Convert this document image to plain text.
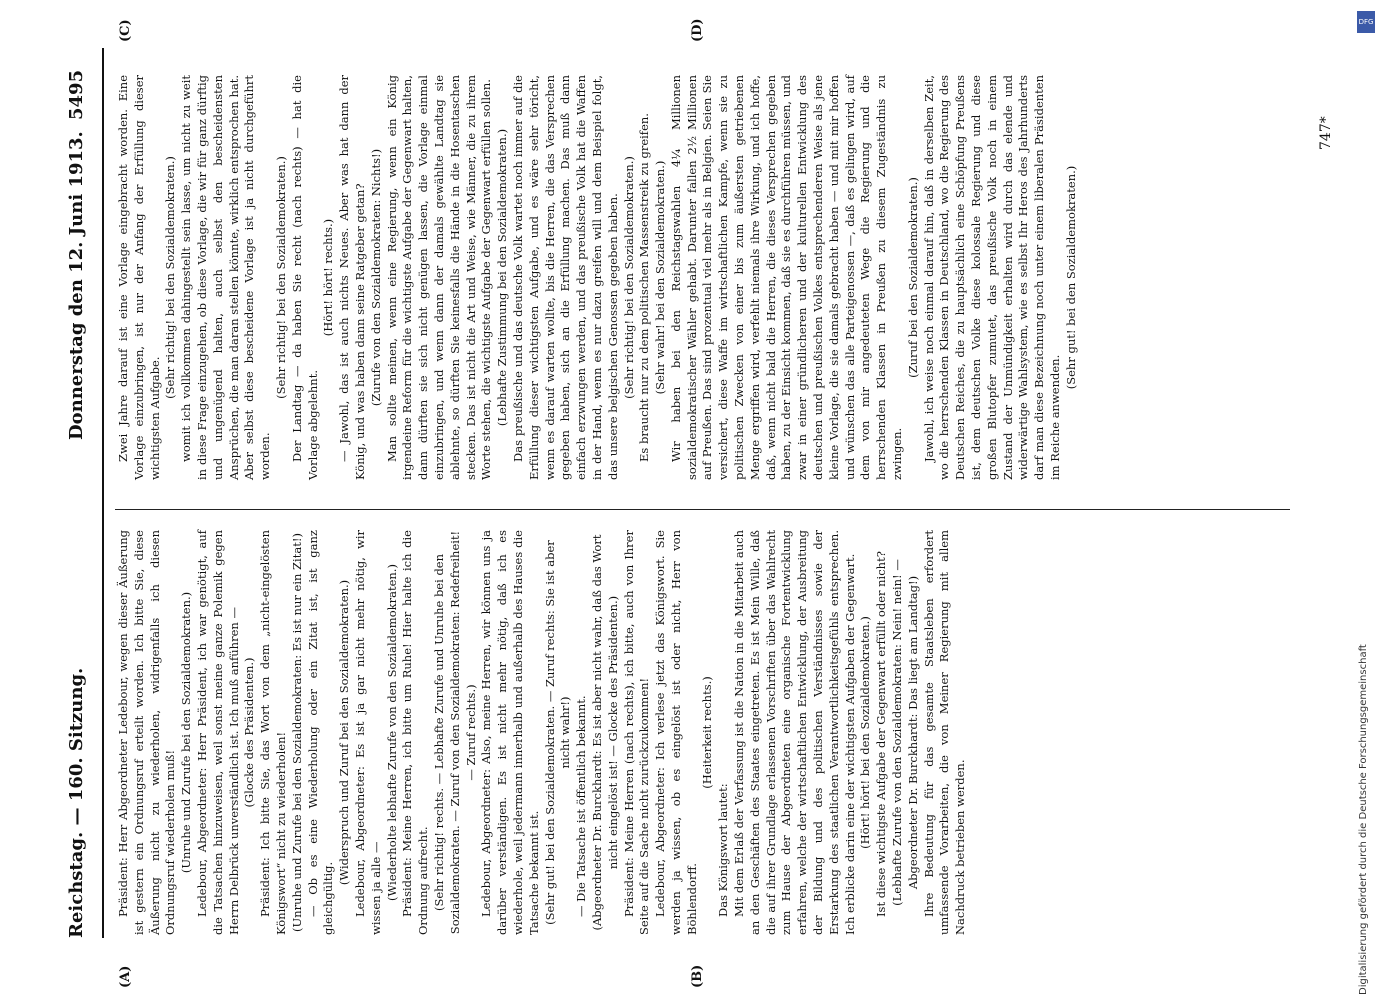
Reichstag. — 160. Sitzung.
Donnerstag den 12. Juni 1913.
5495
(A)	(B)
(C)	(D)

Präsident: Herr Abgeordneter Ledebour, wegen dieser Äußerung ist gestern ein Ordnungsruf erteilt worden. Ich bitte Sie, diese Äußerung nicht zu wiederholen, widrigenfalls ich diesen Ordnungsruf wiederholen muß! (Unruhe und Zurufe bei den Sozialdemokraten.) Ledebour, Abgeordneter: Herr Präsident, ich war genötigt, auf die Tatsachen hinzuweisen, weil sonst meine ganze Polemik gegen Herrn Delbrück unverständlich ist. Ich muß anführen — (Glocke des Präsidenten.) Präsident: Ich bitte Sie, das Wort von dem „nicht-eingelösten Königswort“ nicht zu wiederholen! (Unruhe und Zurufe bei den Sozialdemokraten: Es ist nur ein Zitat!) — Ob es eine Wiederholung oder ein Zitat ist, ist ganz gleichgültig.

(Widerspruch und Zuruf bei den Sozialdemokraten.) Ledebour, Abgeordneter: Es ist ja gar nicht mehr nötig, wir wissen ja alle — (Wiederholte lebhafte Zurufe von den Sozialdemokraten.) Präsident: Meine Herren, ich bitte um Ruhe! Hier halte ich die Ordnung aufrecht. (Sehr richtig! rechts. — Lebhafte Zurufe und Unruhe bei den Sozialdemokraten. — Zuruf von den Sozialdemokraten: Redefreiheit! — Zuruf rechts.) Ledebour, Abgeordneter: Also, meine Herren, wir können uns ja darüber verständigen. Es ist nicht mehr nötig, daß ich es wiederhole, weil jedermann innerhalb und außerhalb des Hauses die Tatsache bekannt ist. (Sehr gut! bei den Sozialdemokraten. — Zuruf rechts: Sie ist aber nicht wahr!) — Die Tatsache ist öffentlich bekannt. (Abgeordneter Dr. Burckhardt: Es ist aber nicht wahr, daß das Wort nicht eingelöst ist! — Glocke des Präsidenten.) Präsident: Meine Herren (nach rechts), ich bitte, auch von Ihrer Seite auf die Sache nicht zurückzukommen! Ledebour, Abgeordneter: Ich verlese jetzt das Königswort. Sie werden ja wissen, ob es eingelöst ist oder nicht, Herr von Böhlendorff.

(Heiterkeit rechts.)

Das Königswort lautet: Mit dem Erlaß der Verfassung ist die Nation in die Mitarbeit auch an den Geschäften des Staates eingetreten. Es ist Mein Wille, daß die auf ihrer Grundlage erlassenen Vorschriften über das Wahlrecht zum Hause der Abgeordneten eine organische Fortentwicklung erfahren, welche der wirtschaftlichen Entwicklung, der Ausbreitung der Bildung und des politischen Verständnisses sowie der Erstarkung des staatlichen Verantwortlichkeitsgefühls entsprechen. Ich erblicke darin eine der wichtigsten Aufgaben der Gegenwart. (Hört! hört! bei den Sozialdemokraten.) Ist diese wichtigste Aufgabe der Gegenwart erfüllt oder nicht? (Lebhafte Zurufe von den Sozialdemokraten: Nein! nein! — Abgeordneter Dr. Burckhardt: Das liegt am Landtag!) Ihre Bedeutung für das gesamte Staatsleben erfordert umfassende Vorarbeiten, die von Meiner Regierung mit allem Nachdruck betrieben werden.

Zwei Jahre darauf ist eine Vorlage eingebracht worden. Eine Vorlage einzubringen, ist nur der Anfang der Erfüllung dieser wichtigsten Aufgabe.

(Sehr richtig! bei den Sozialdemokraten.) womit ich vollkommen dahingestellt sein lasse, um nicht zu weit in diese Frage einzugehen, ob diese Vorlage, die wir für ganz dürftig und ungenügend halten, auch selbst den bescheidensten Ansprüchen, die man daran stellen könnte, wirklich entsprochen hat. Aber selbst diese bescheidene Vorlage ist ja nicht durchgeführt worden.

(Sehr richtig! bei den Sozialdemokraten.) Der Landtag — da haben Sie recht (nach rechts) — hat die Vorlage abgelehnt.

(Hört! hört! rechts.) — Jawohl, das ist auch nichts Neues. Aber was hat dann der König, und was haben dann seine Ratgeber getan? (Zurufe von den Sozialdemokraten: Nichts!) Man sollte meinen, wenn eine Regierung, wenn ein König irgendeine Reform für die wichtigste Aufgabe der Gegenwart halten, dann dürften sie sich nicht genügen lassen, die Vorlage einmal einzubringen, und wenn dann der damals gewählte Landtag sie ablehnte, so dürften Sie keinesfalls die Hände in die Hosentaschen stecken. Das ist nicht die Art und Weise, wie Männer, die zu ihrem Worte stehen, die wichtigste Aufgabe der Gegenwart erfüllen sollen. (Lebhafte Zustimmung bei den Sozialdemokraten.) Das preußische und das deutsche Volk wartet noch immer auf die Erfüllung dieser wichtigsten Aufgabe, und es wäre sehr töricht, wenn es darauf warten wollte, bis die Herren, die das Versprechen gegeben haben, sich an die Erfüllung machen. Das muß dann einfach erzwungen werden, und das preußische Volk hat die Waffen in der Hand, wenn es nur dazu greifen will und dem Beispiel folgt, das unsere belgischen Genossen gegeben haben. (Sehr richtig! bei den Sozialdemokraten.) Es braucht nur zu dem politischen Massenstreik zu greifen. (Sehr wahr! bei den Sozialdemokraten.) Wir haben bei den Reichstagswahlen 4¼ Millionen sozialdemokratischer Wähler gehabt. Darunter fallen 2½ Millionen auf Preußen. Das sind prozentual viel mehr als in Belgien. Seien Sie versichert, diese Waffe im wirtschaftlichen Kampfe, wenn sie zu politischen Zwecken von einer bis zum äußersten getriebenen Menge ergriffen wird, verfehlt niemals ihre Wirkung, und ich hoffe, daß, wenn nicht bald die Herren, die dieses Versprechen gegeben haben, zu der Einsicht kommen, daß sie es durchführen müssen, und zwar in einer gründlicheren und der kulturellen Entwicklung des deutschen und preußischen Volkes entsprechenderen Weise als jene kleine Vorlage, die sie damals gebracht haben — und mit mir hoffen und wünschen das alle Parteigenossen —, daß es gelingen wird, auf dem von mir angedeuteten Wege die Regierung und die herrschenden Klassen in Preußen zu diesem Zugeständnis zu zwingen.

(Zuruf bei den Sozialdemokraten.) Jawohl, ich weise noch einmal darauf hin, daß in derselben Zeit, wo die herrschenden Klassen in Deutschland, wo die Regierung des Deutschen Reiches, die zu hauptsächlich eine Schöpfung Preußens ist, dem deutschen Volke diese kolossale Regierung und diese großen Blutopfer zumutet, das preußische Volk noch in einem Zustand der Unmündigkeit erhalten wird durch das elende und widerwärtige Wahlsystem, wie es selbst Ihr Heros des Jahrhunderts darf man diese Bezeichnung noch unter einem liberalen Präsidenten im Reiche anwenden.

(Sehr gut! bei den Sozialdemokraten.)

747*
DFG
Digitalisierung gefördert durch die Deutsche Forschungsgemeinschaft
